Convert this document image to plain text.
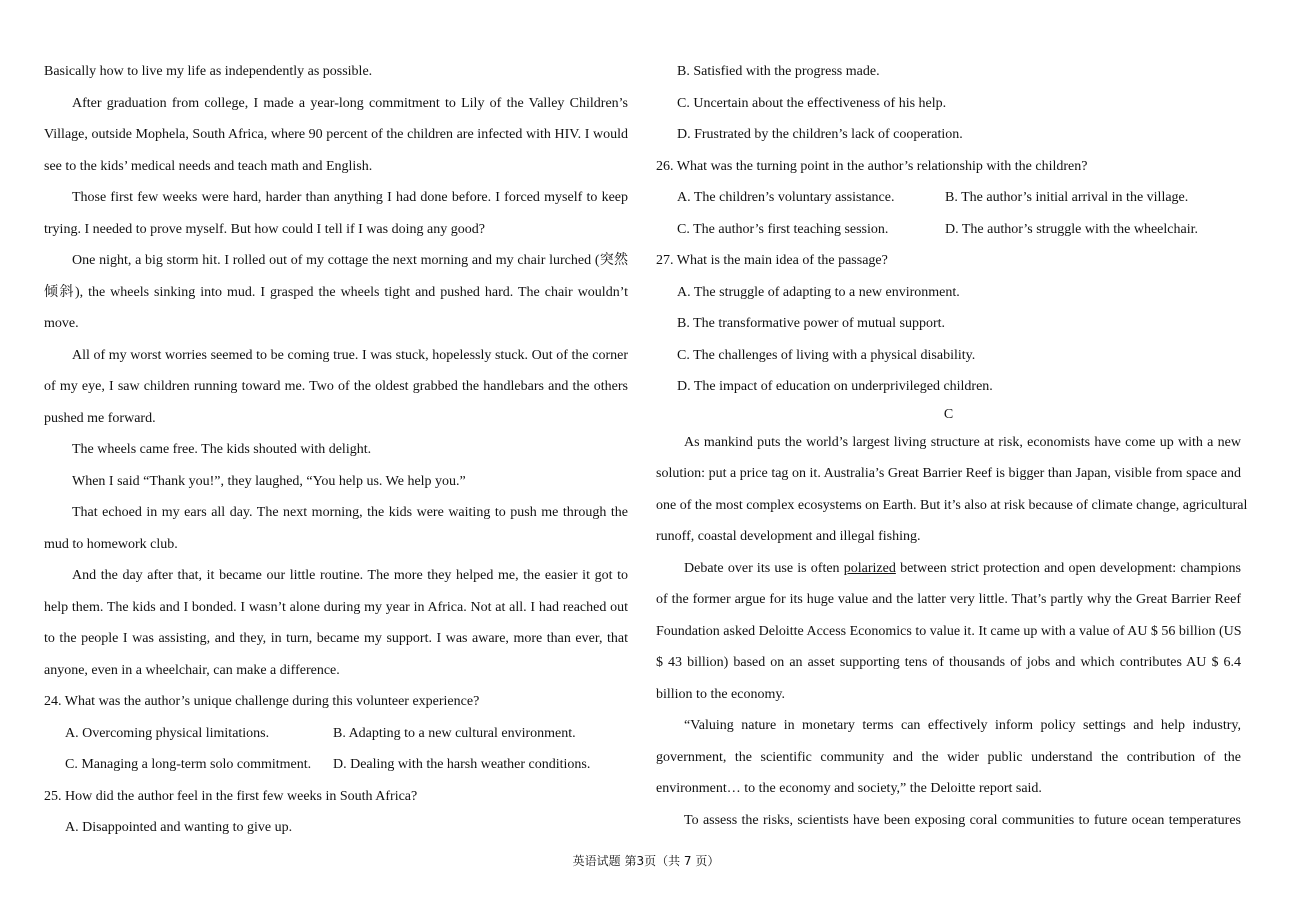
Basically how to live my life as independently as possible.
After graduation from college, I made a year-long commitment to Lily of the Valley Children’s
Village, outside Mophela, South Africa, where 90 percent of the children are infected with HIV. I would
see to the kids’ medical needs and teach math and English.
Those first few weeks were hard, harder than anything I had done before. I forced myself to keep
trying. I needed to prove myself. But how could I tell if I was doing any good?
One night, a big storm hit. I rolled out of my cottage the next morning and my chair lurched (突然
倾斜), the wheels sinking into mud. I grasped the wheels tight and pushed hard. The chair wouldn’t
move.
All of my worst worries seemed to be coming true. I was stuck, hopelessly stuck. Out of the corner
of my eye, I saw children running toward me. Two of the oldest grabbed the handlebars and the others
pushed me forward.
The wheels came free. The kids shouted with delight.
When I said “Thank you!”, they laughed, “You help us. We help you.”
That echoed in my ears all day. The next morning, the kids were waiting to push me through the
mud to homework club.
And the day after that, it became our little routine. The more they helped me, the easier it got to
help them. The kids and I bonded. I wasn’t alone during my year in Africa. Not at all. I had reached out
to the people I was assisting, and they, in turn, became my support. I was aware, more than ever, that
anyone, even in a wheelchair, can make a difference.
24. What was the author’s unique challenge during this volunteer experience?
A. Overcoming physical limitations.	B. Adapting to a new cultural environment.
C. Managing a long-term solo commitment.	D. Dealing with the harsh weather conditions.
25. How did the author feel in the first few weeks in South Africa?
A. Disappointed and wanting to give up.
B. Satisfied with the progress made.
C. Uncertain about the effectiveness of his help.
D. Frustrated by the children’s lack of cooperation.
26. What was the turning point in the author’s relationship with the children?
A. The children’s voluntary assistance.	B. The author’s initial arrival in the village.
C. The author’s first teaching session.	D. The author’s struggle with the wheelchair.
27. What is the main idea of the passage?
A. The struggle of adapting to a new environment.
B. The transformative power of mutual support.
C. The challenges of living with a physical disability.
D. The impact of education on underprivileged children.
C
As mankind puts the world’s largest living structure at risk, economists have come up with a new
solution: put a price tag on it. Australia’s Great Barrier Reef is bigger than Japan, visible from space and
one of the most complex ecosystems on Earth. But it’s also at risk because of climate change, agricultural
runoff, coastal development and illegal fishing.
Debate over its use is often polarized between strict protection and open development: champions
of the former argue for its huge value and the latter very little. That’s partly why the Great Barrier Reef
Foundation asked Deloitte Access Economics to value it. It came up with a value of AU $ 56 billion (US
$ 43 billion) based on an asset supporting tens of thousands of jobs and which contributes AU $ 6.4
billion to the economy.
“Valuing nature in monetary terms can effectively inform policy settings and help industry,
government, the scientific community and the wider public understand the contribution of the
environment… to the economy and society,” the Deloitte report said.
To assess the risks, scientists have been exposing coral communities to future ocean temperatures
英语试题 第3页（共 7 页）
